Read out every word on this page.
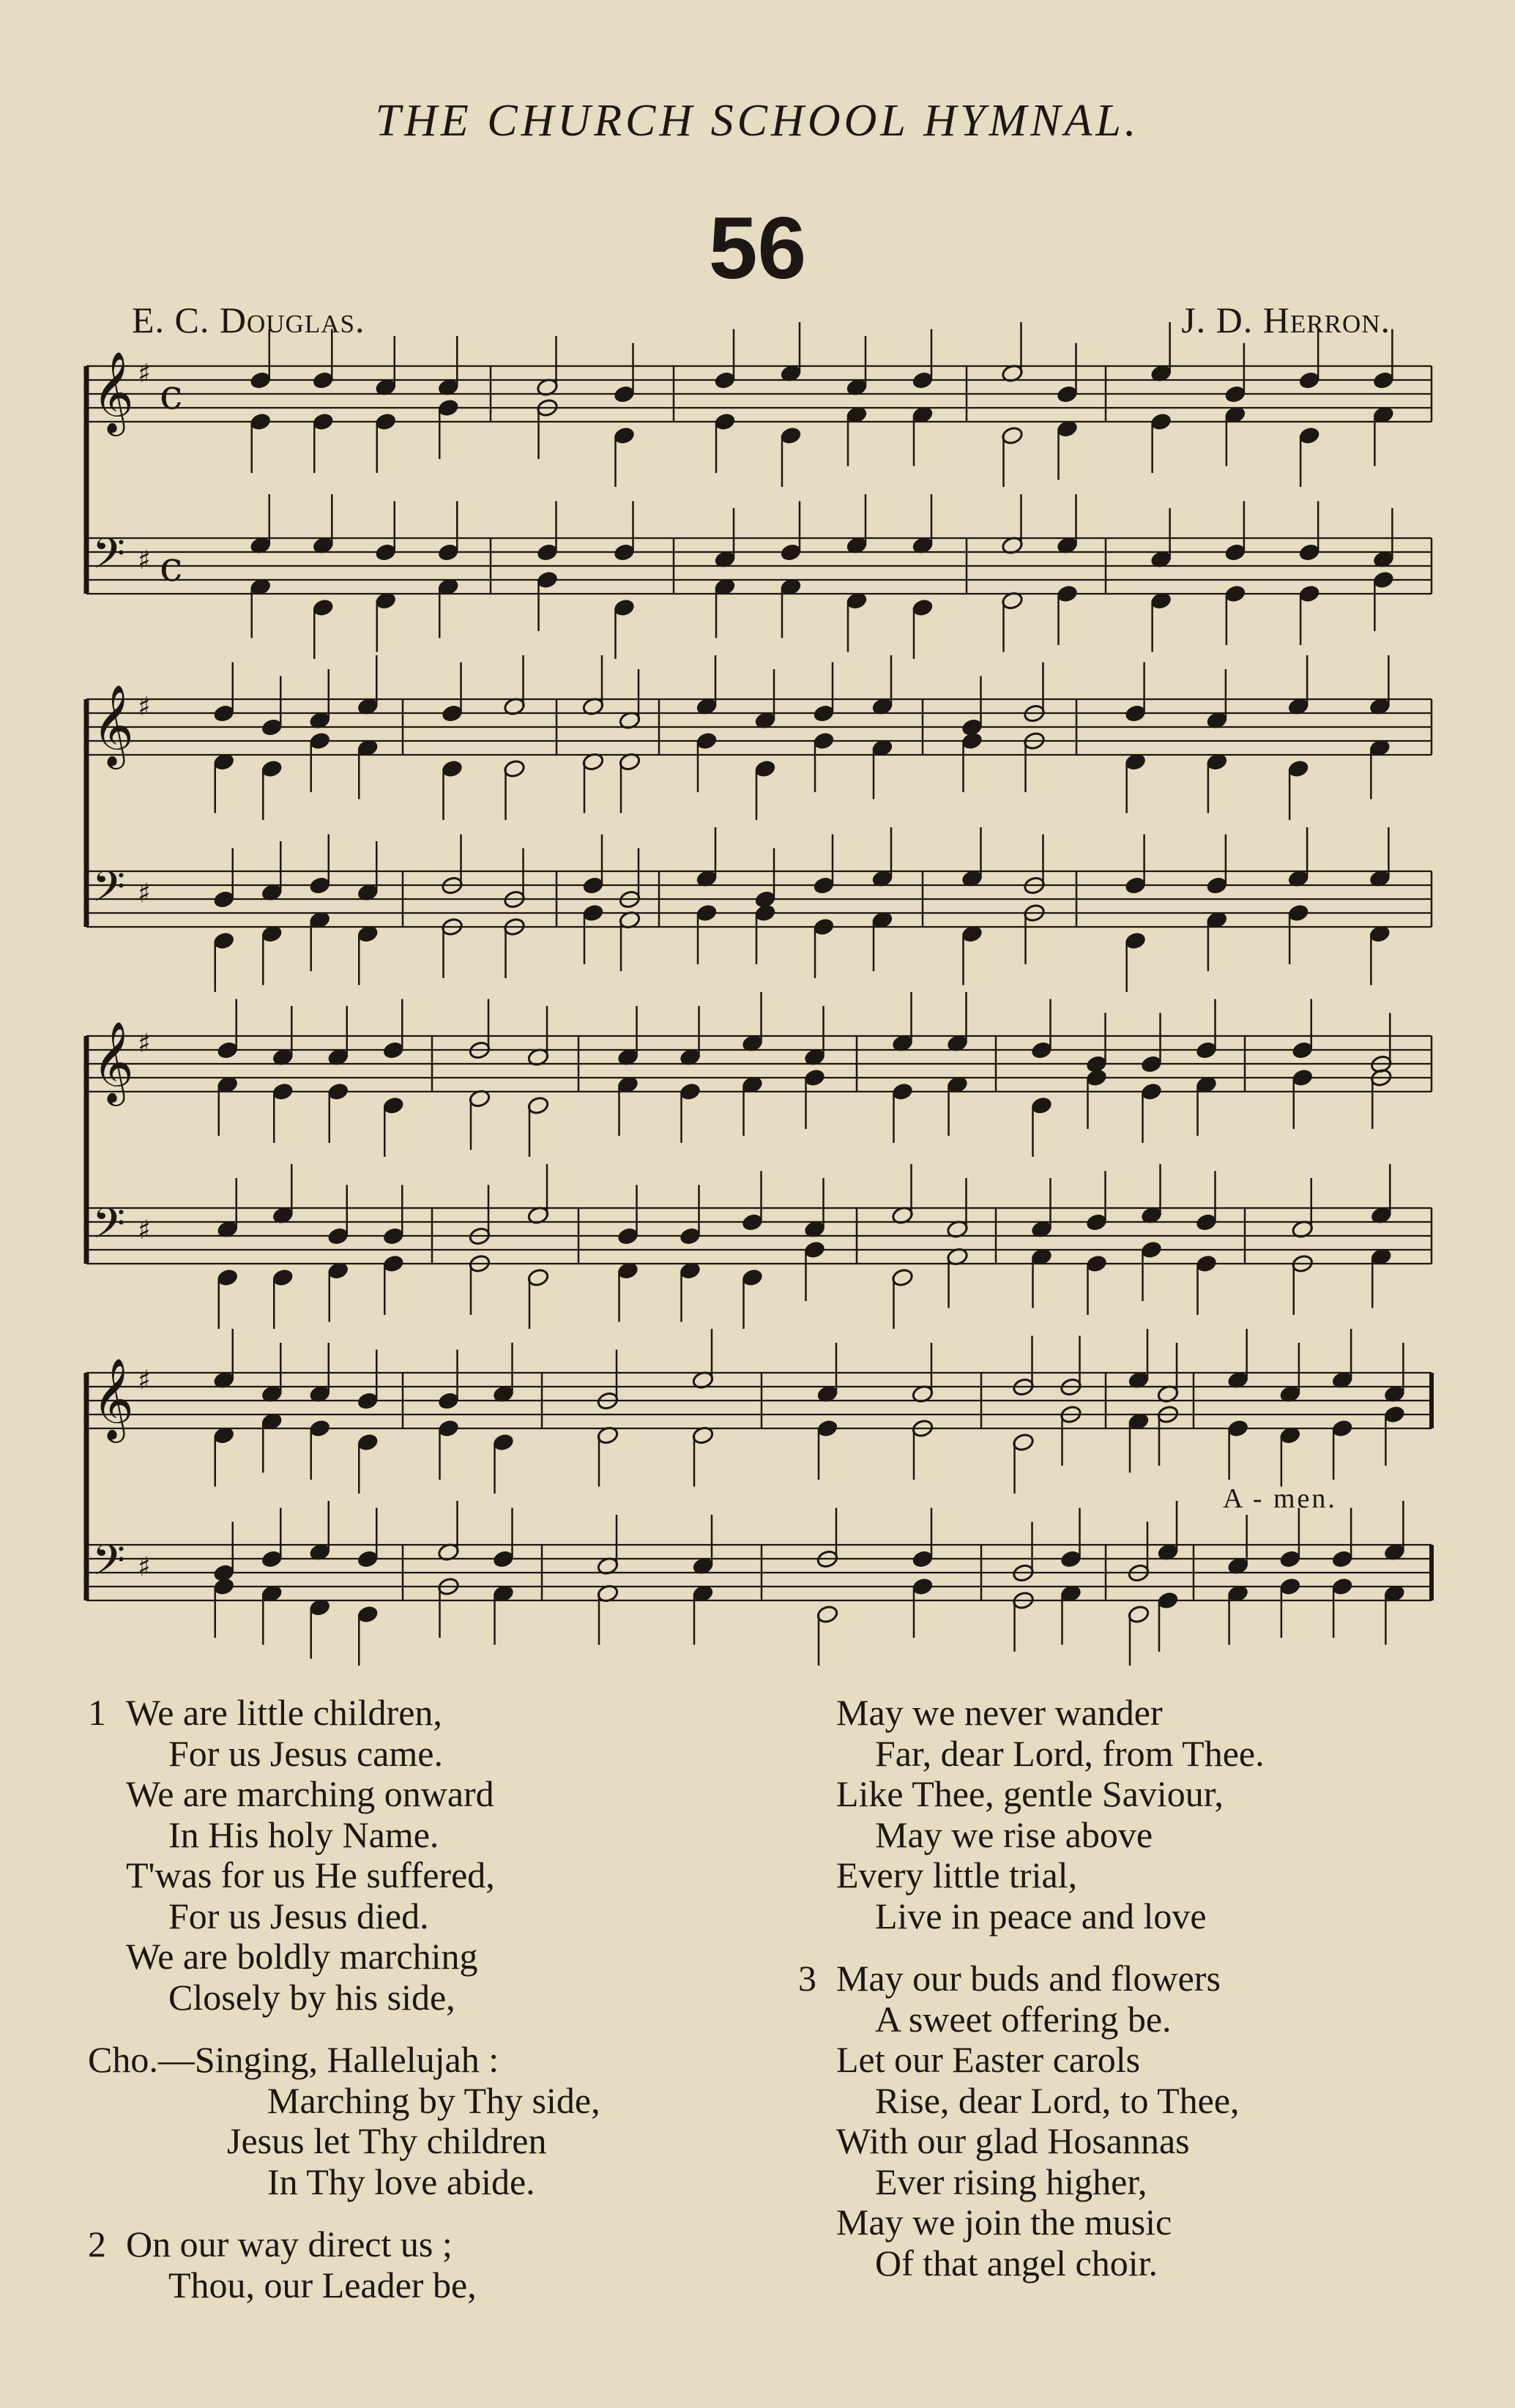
THE CHURCH SCHOOL HYMNAL.
56
E. C. Douglas.	J. D. Herron.
𝄞 ♯ c
𝄢 ♯ c
𝄞 ♯
𝄢 ♯
𝄞 ♯
𝄢 ♯
𝄞 ♯
𝄢 ♯
A - men.
1 We are little children,
For us Jesus came.
We are marching onward
In His holy Name.
T'was for us He suffered,
For us Jesus died.
We are boldly marching
Closely by his side,
Cho.—Singing, Hallelujah :
Marching by Thy side,
Jesus let Thy children
In Thy love abide.
2 On our way direct us ;
Thou, our Leader be,
May we never wander
Far, dear Lord, from Thee.
Like Thee, gentle Saviour,
May we rise above
Every little trial,
Live in peace and love
3 May our buds and flowers
A sweet offering be.
Let our Easter carols
Rise, dear Lord, to Thee,
With our glad Hosannas
Ever rising higher,
May we join the music
Of that angel choir.
